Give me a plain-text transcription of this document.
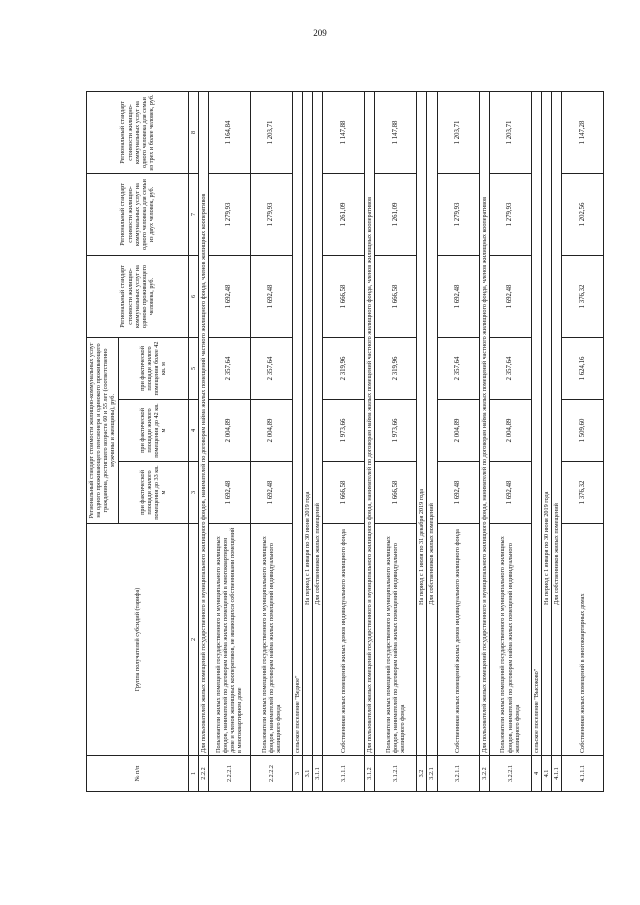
209
№ п/п	Группа получателей субсидий (тарифа)	Региональный стандарт стоимости жилищно-коммунальных услуг на одного проживающего пенсионера и одинокого проживающего гражданина, достигшего возраста 60 и 55 лет (соответственно мужчины и женщины), руб.			Региональный стандарт стоимости жилищно-коммунальных услуг на одиноко проживающего человека, руб.	Региональный стандарт стоимости жилищно-коммунальных услуг на одного человека для семьи из двух человек, руб.	Региональный стандарт стоимости жилищно-коммунальных услуг на одного человека для семьи из трех и более человек, руб.
		при фактической площади жилого помещения до 33 кв. м	при фактической площади жилого помещения до 42 кв. м	при фактической площади жилого помещения более 42 кв. м			
1	2	3	4	5	6	7	8
2.2.2	Для пользователей жилых помещений государственного и муниципального жилищного фондов, нанимателей по договорам найма жилых помещений частного жилищного фонда, членов жилищных кооперативов						
2.2.2.1	Пользователи жилых помещений государственного и муниципального жилищных фондов, нанимателей по договорам найма жилых помещений в многоквартирном доме и членов жилищных кооперативов, не являющихся собственниками помещений в многоквартирном доме	1 692,48	2 004,89	2 357,64	1 692,48	1 279,93	1 164,84
2.2.2.2	Пользователи жилых помещений государственного и муниципального жилищных фондов, нанимателей по договорам найма жилых помещений индивидуального жилищного фонда	1 692,48	2 004,89	2 357,64	1 692,48	1 279,93	1 203,71
3	сельское поселение "Ведное"						
3.1	На период с 1 января по 30 июня 2019 года						
3.1.1	Для собственников жилых помещений						
3.1.1.1	Собственники жилых помещений жилых домов индивидуального жилищного фонда	1 666,58	1 973,66	2 319,96	1 666,58	1 261,09	1 147,88
3.1.2	Для пользователей жилых помещений государственного и муниципального жилищного фонда, нанимателей по договорам найма жилых помещений частного жилищного фонда, членов жилищных кооперативов						
3.1.2.1	Пользователи жилых помещений государственного и муниципального жилищных фондов, нанимателей по договорам найма жилых помещений индивидуального жилищного фонда	1 666,58	1 973,66	2 319,96	1 666,58	1 261,09	1 147,88
3.2	На период с 1 июля по 31 декабря 2019 года						
3.2.1	Для собственников жилых помещений						
3.2.1.1	Собственники жилых помещений жилых домов индивидуального жилищного фонда	1 692,48	2 004,89	2 357,64	1 692,48	1 279,93	1 203,71
3.2.2	Для пользователей жилых помещений государственного и муниципального жилищного фонда, нанимателей по договорам найма жилых помещений частного жилищного фонда, членов жилищных кооперативов						
3.2.2.1	Пользователи жилых помещений государственного и муниципального жилищных фондов, нанимателей по договорам найма жилых помещений индивидуального жилищного фонда	1 692,48	2 004,89	2 357,64	1 692,48	1 279,93	1 203,71
4	сельское поселение "Высоково"						
4.1	На период с 1 января по 30 июня 2019 года						
4.1.1	Для собственников жилых помещений						
4.1.1.1	Собственники жилых помещений в многоквартирных домах	1 376,32	1 509,60	1 624,16	1 376,32	1 202,56	1 147,28
